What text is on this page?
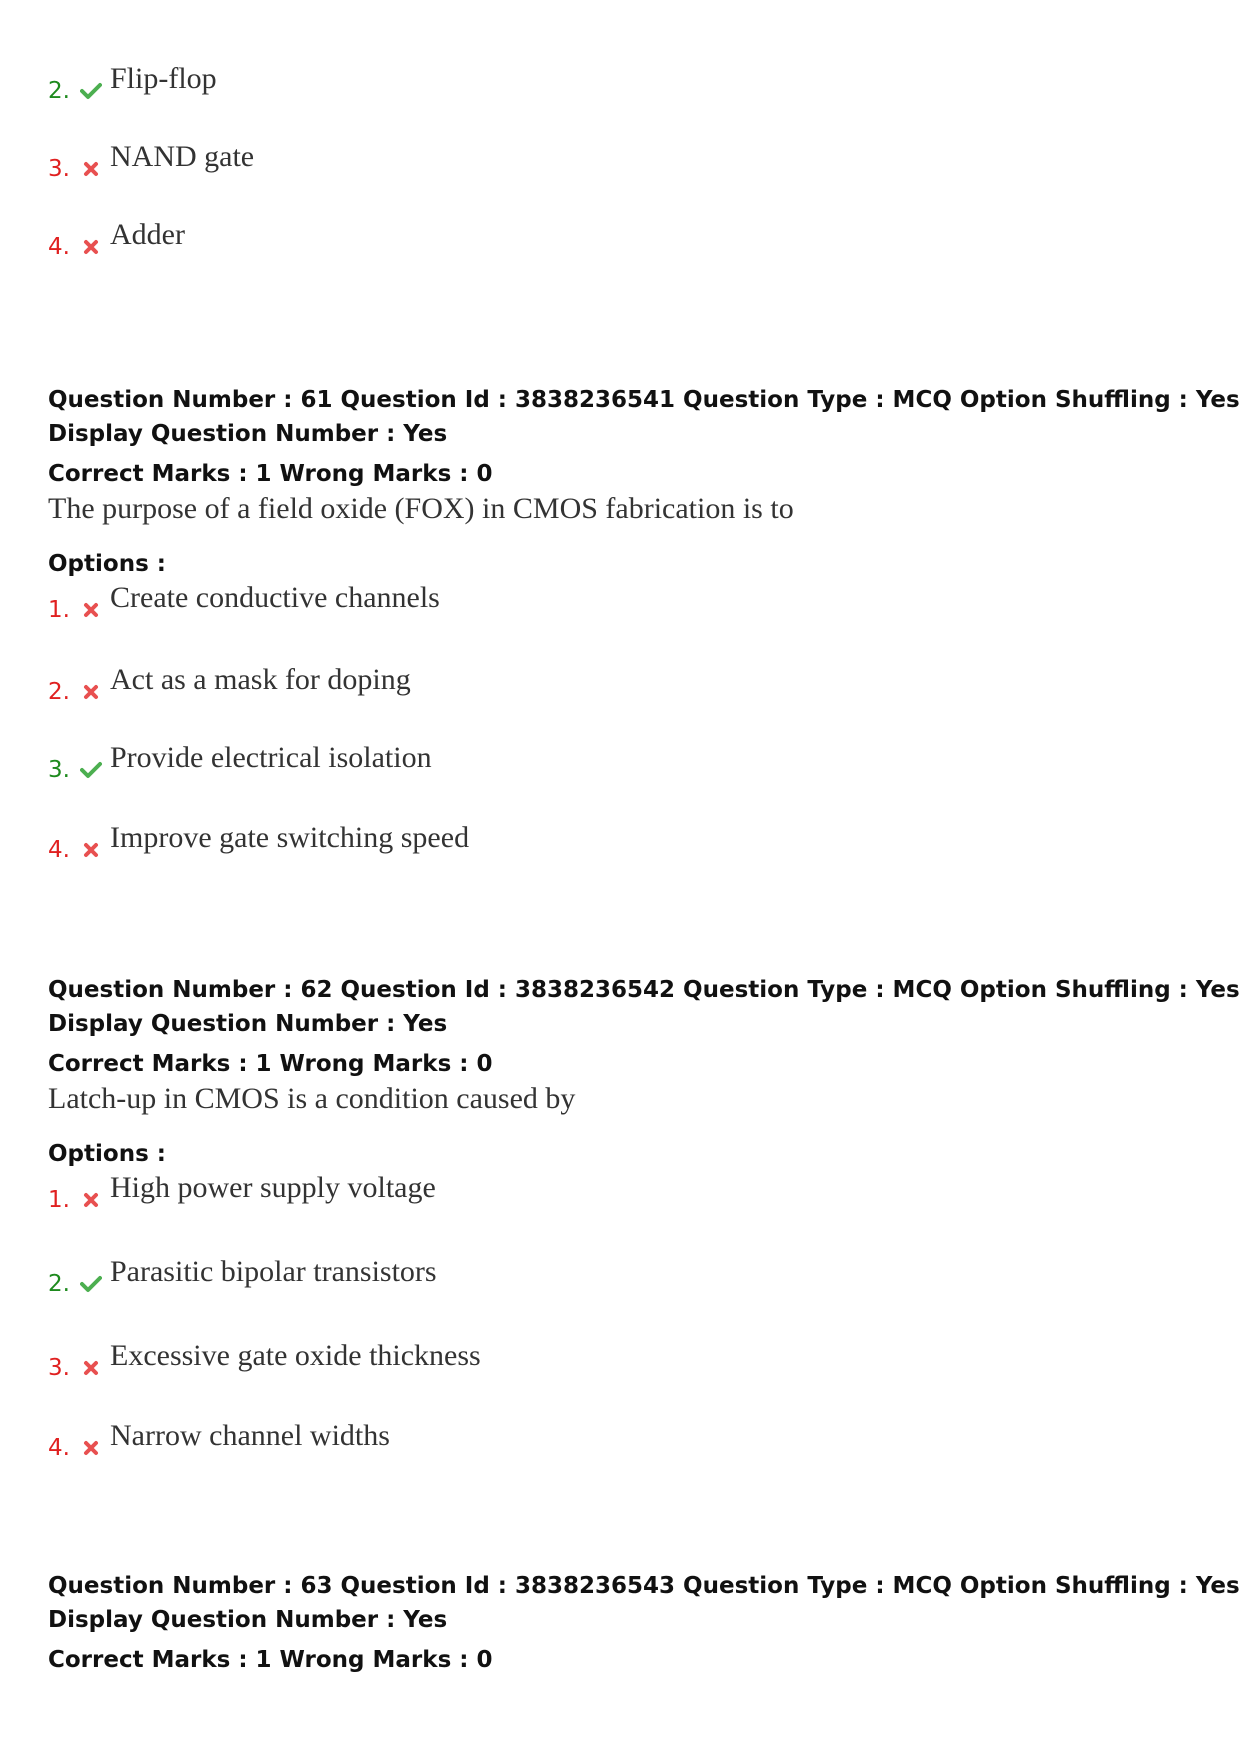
2. Flip-flop
3. NAND gate
4. Adder
Question Number : 61 Question Id : 3838236541 Question Type : MCQ Option Shuffling : Yes
Display Question Number : Yes
Correct Marks : 1 Wrong Marks : 0
The purpose of a field oxide (FOX) in CMOS fabrication is to
Options :
1. Create conductive channels
2. Act as a mask for doping
3. Provide electrical isolation
4. Improve gate switching speed
Question Number : 62 Question Id : 3838236542 Question Type : MCQ Option Shuffling : Yes
Display Question Number : Yes
Correct Marks : 1 Wrong Marks : 0
Latch-up in CMOS is a condition caused by
Options :
1. High power supply voltage
2. Parasitic bipolar transistors
3. Excessive gate oxide thickness
4. Narrow channel widths
Question Number : 63 Question Id : 3838236543 Question Type : MCQ Option Shuffling : Yes
Display Question Number : Yes
Correct Marks : 1 Wrong Marks : 0
